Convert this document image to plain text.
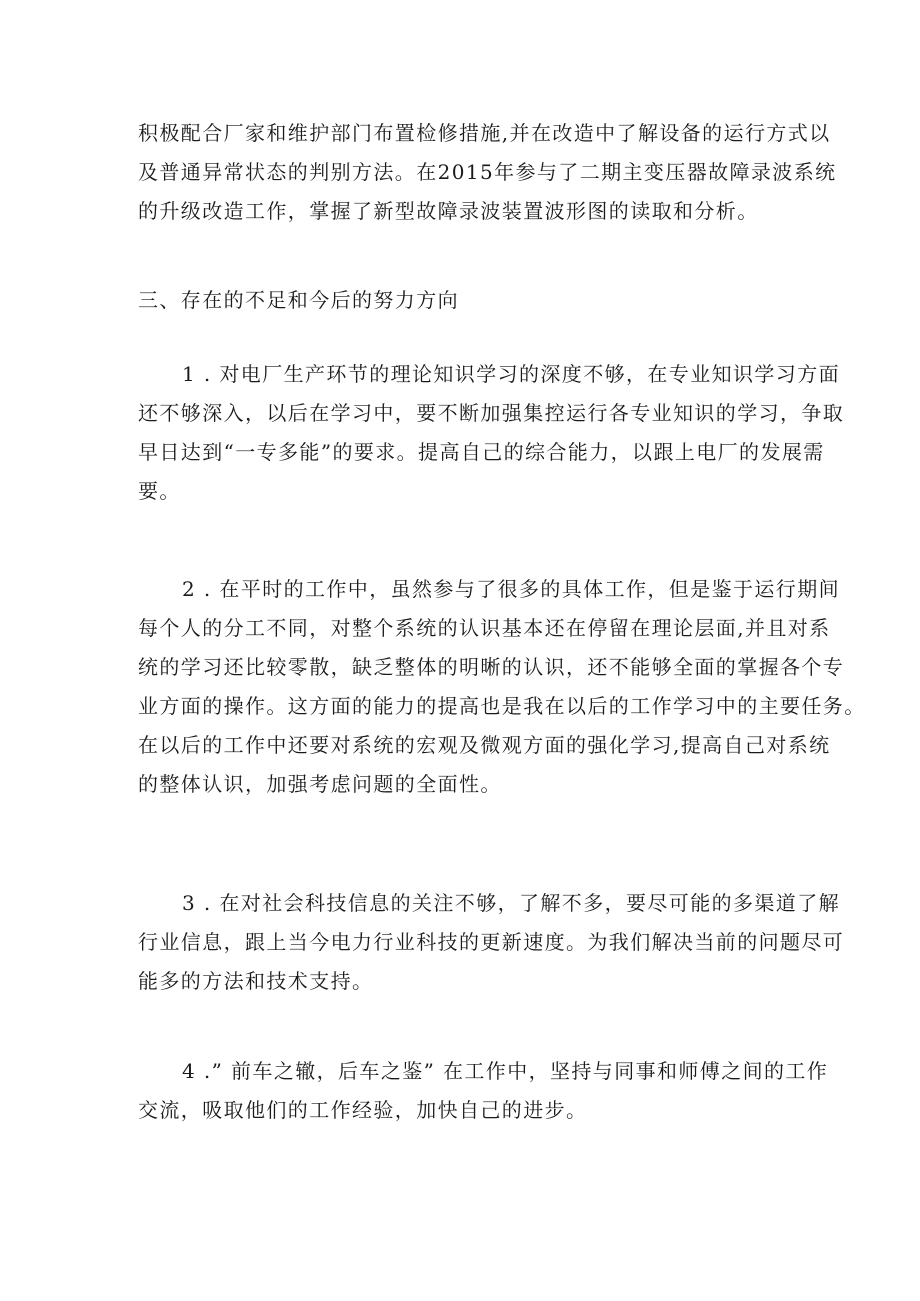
积极配合厂家和维护部门布置检修措施,并在改造中了解设备的运行方式以
及普通异常状态的判别方法。在2015年参与了二期主变压器故障录波系统
的升级改造工作，掌握了新型故障录波装置波形图的读取和分析。
三、存在的不足和今后的努力方向
1 . 对电厂生产环节的理论知识学习的深度不够，在专业知识学习方面
还不够深入，以后在学习中，要不断加强集控运行各专业知识的学习，争取
早日达到“一专多能”的要求。提高自己的综合能力，以跟上电厂的发展需
要。
2 . 在平时的工作中，虽然参与了很多的具体工作，但是鉴于运行期间
每个人的分工不同，对整个系统的认识基本还在停留在理论层面,并且对系
统的学习还比较零散，缺乏整体的明晰的认识，还不能够全面的掌握各个专
业方面的操作。这方面的能力的提高也是我在以后的工作学习中的主要任务。
在以后的工作中还要对系统的宏观及微观方面的强化学习,提高自己对系统
的整体认识，加强考虑问题的全面性。
3 . 在对社会科技信息的关注不够，了解不多，要尽可能的多渠道了解
行业信息，跟上当今电力行业科技的更新速度。为我们解决当前的问题尽可
能多的方法和技术支持。
4 .” 前车之辙，后车之鉴” 在工作中，坚持与同事和师傅之间的工作
交流，吸取他们的工作经验，加快自己的进步。
